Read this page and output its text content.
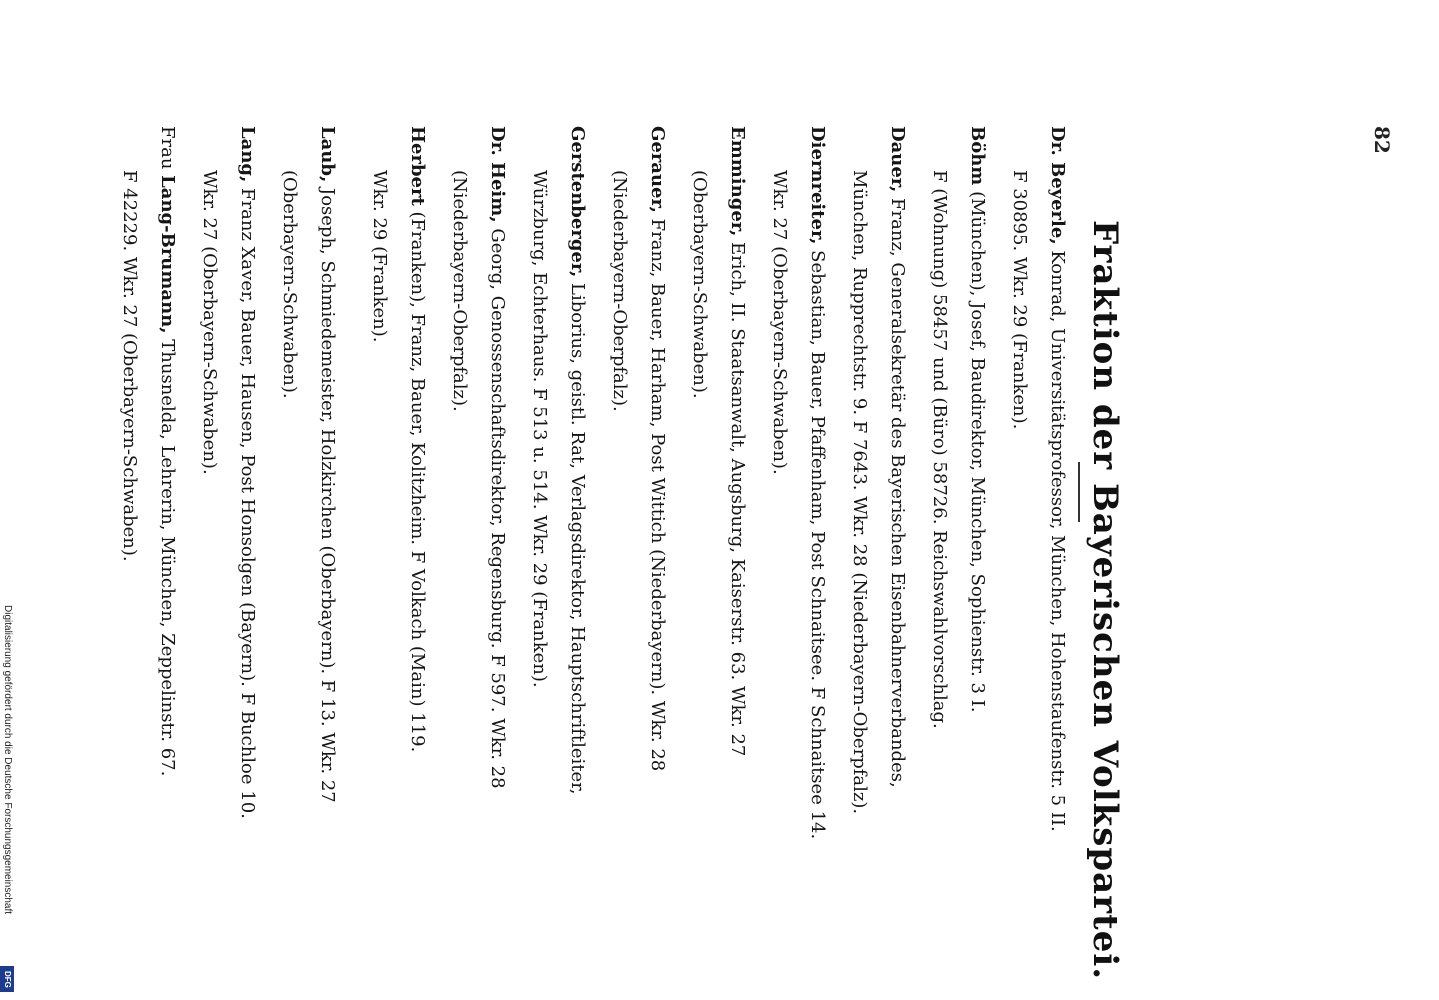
82
Fraktion der Bayerischen Volkspartei.
Dr. Beyerle, Konrad, Universitätsprofessor, München, Hohenstaufenstr. 5 II.
F 30895. Wkr. 29 (Franken).
Böhm (München), Josef, Baudirektor, München, Sophienstr. 3 I.
F (Wohnung) 58457 und (Büro) 58726. Reichswahlvorschlag.
Dauer, Franz, Generalsekretär des Bayerischen Eisenbahnerverbandes,
München, Rupprechtstr. 9. F 7643. Wkr. 28 (Niederbayern-Oberpfalz).
Diernreiter, Sebastian, Bauer, Pfaffenham, Post Schnaitsee. F Schnaitsee 14.
Wkr. 27 (Oberbayern-Schwaben).
Emminger, Erich, II. Staatsanwalt, Augsburg, Kaiserstr. 63. Wkr. 27
(Oberbayern-Schwaben).
Gerauer, Franz, Bauer, Harham, Post Wittich (Niederbayern). Wkr. 28
(Niederbayern-Oberpfalz).
Gerstenberger, Liborius, geistl. Rat, Verlagsdirektor, Hauptschriftleiter,
Würzburg, Echterhaus. F 513 u. 514. Wkr. 29 (Franken).
Dr. Heim, Georg, Genossenschaftsdirektor, Regensburg. F 597. Wkr. 28
(Niederbayern-Oberpfalz).
Herbert (Franken), Franz, Bauer, Kolitzheim. F Volkach (Main) 119.
Wkr. 29 (Franken).
Laub, Joseph, Schmiedemeister, Holzkirchen (Oberbayern). F 13. Wkr. 27
(Oberbayern-Schwaben).
Lang, Franz Xaver, Bauer, Hausen, Post Honsolgen (Bayern). F Buchloe 10.
Wkr. 27 (Oberbayern-Schwaben).
Frau Lang-Brumann, Thusnelda, Lehrerin, München, Zeppelinstr. 67.
F 42229. Wkr. 27 (Oberbayern-Schwaben).
Digitalisierung gefördert durch die Deutsche Forschungsgemeinschaft
DFG
